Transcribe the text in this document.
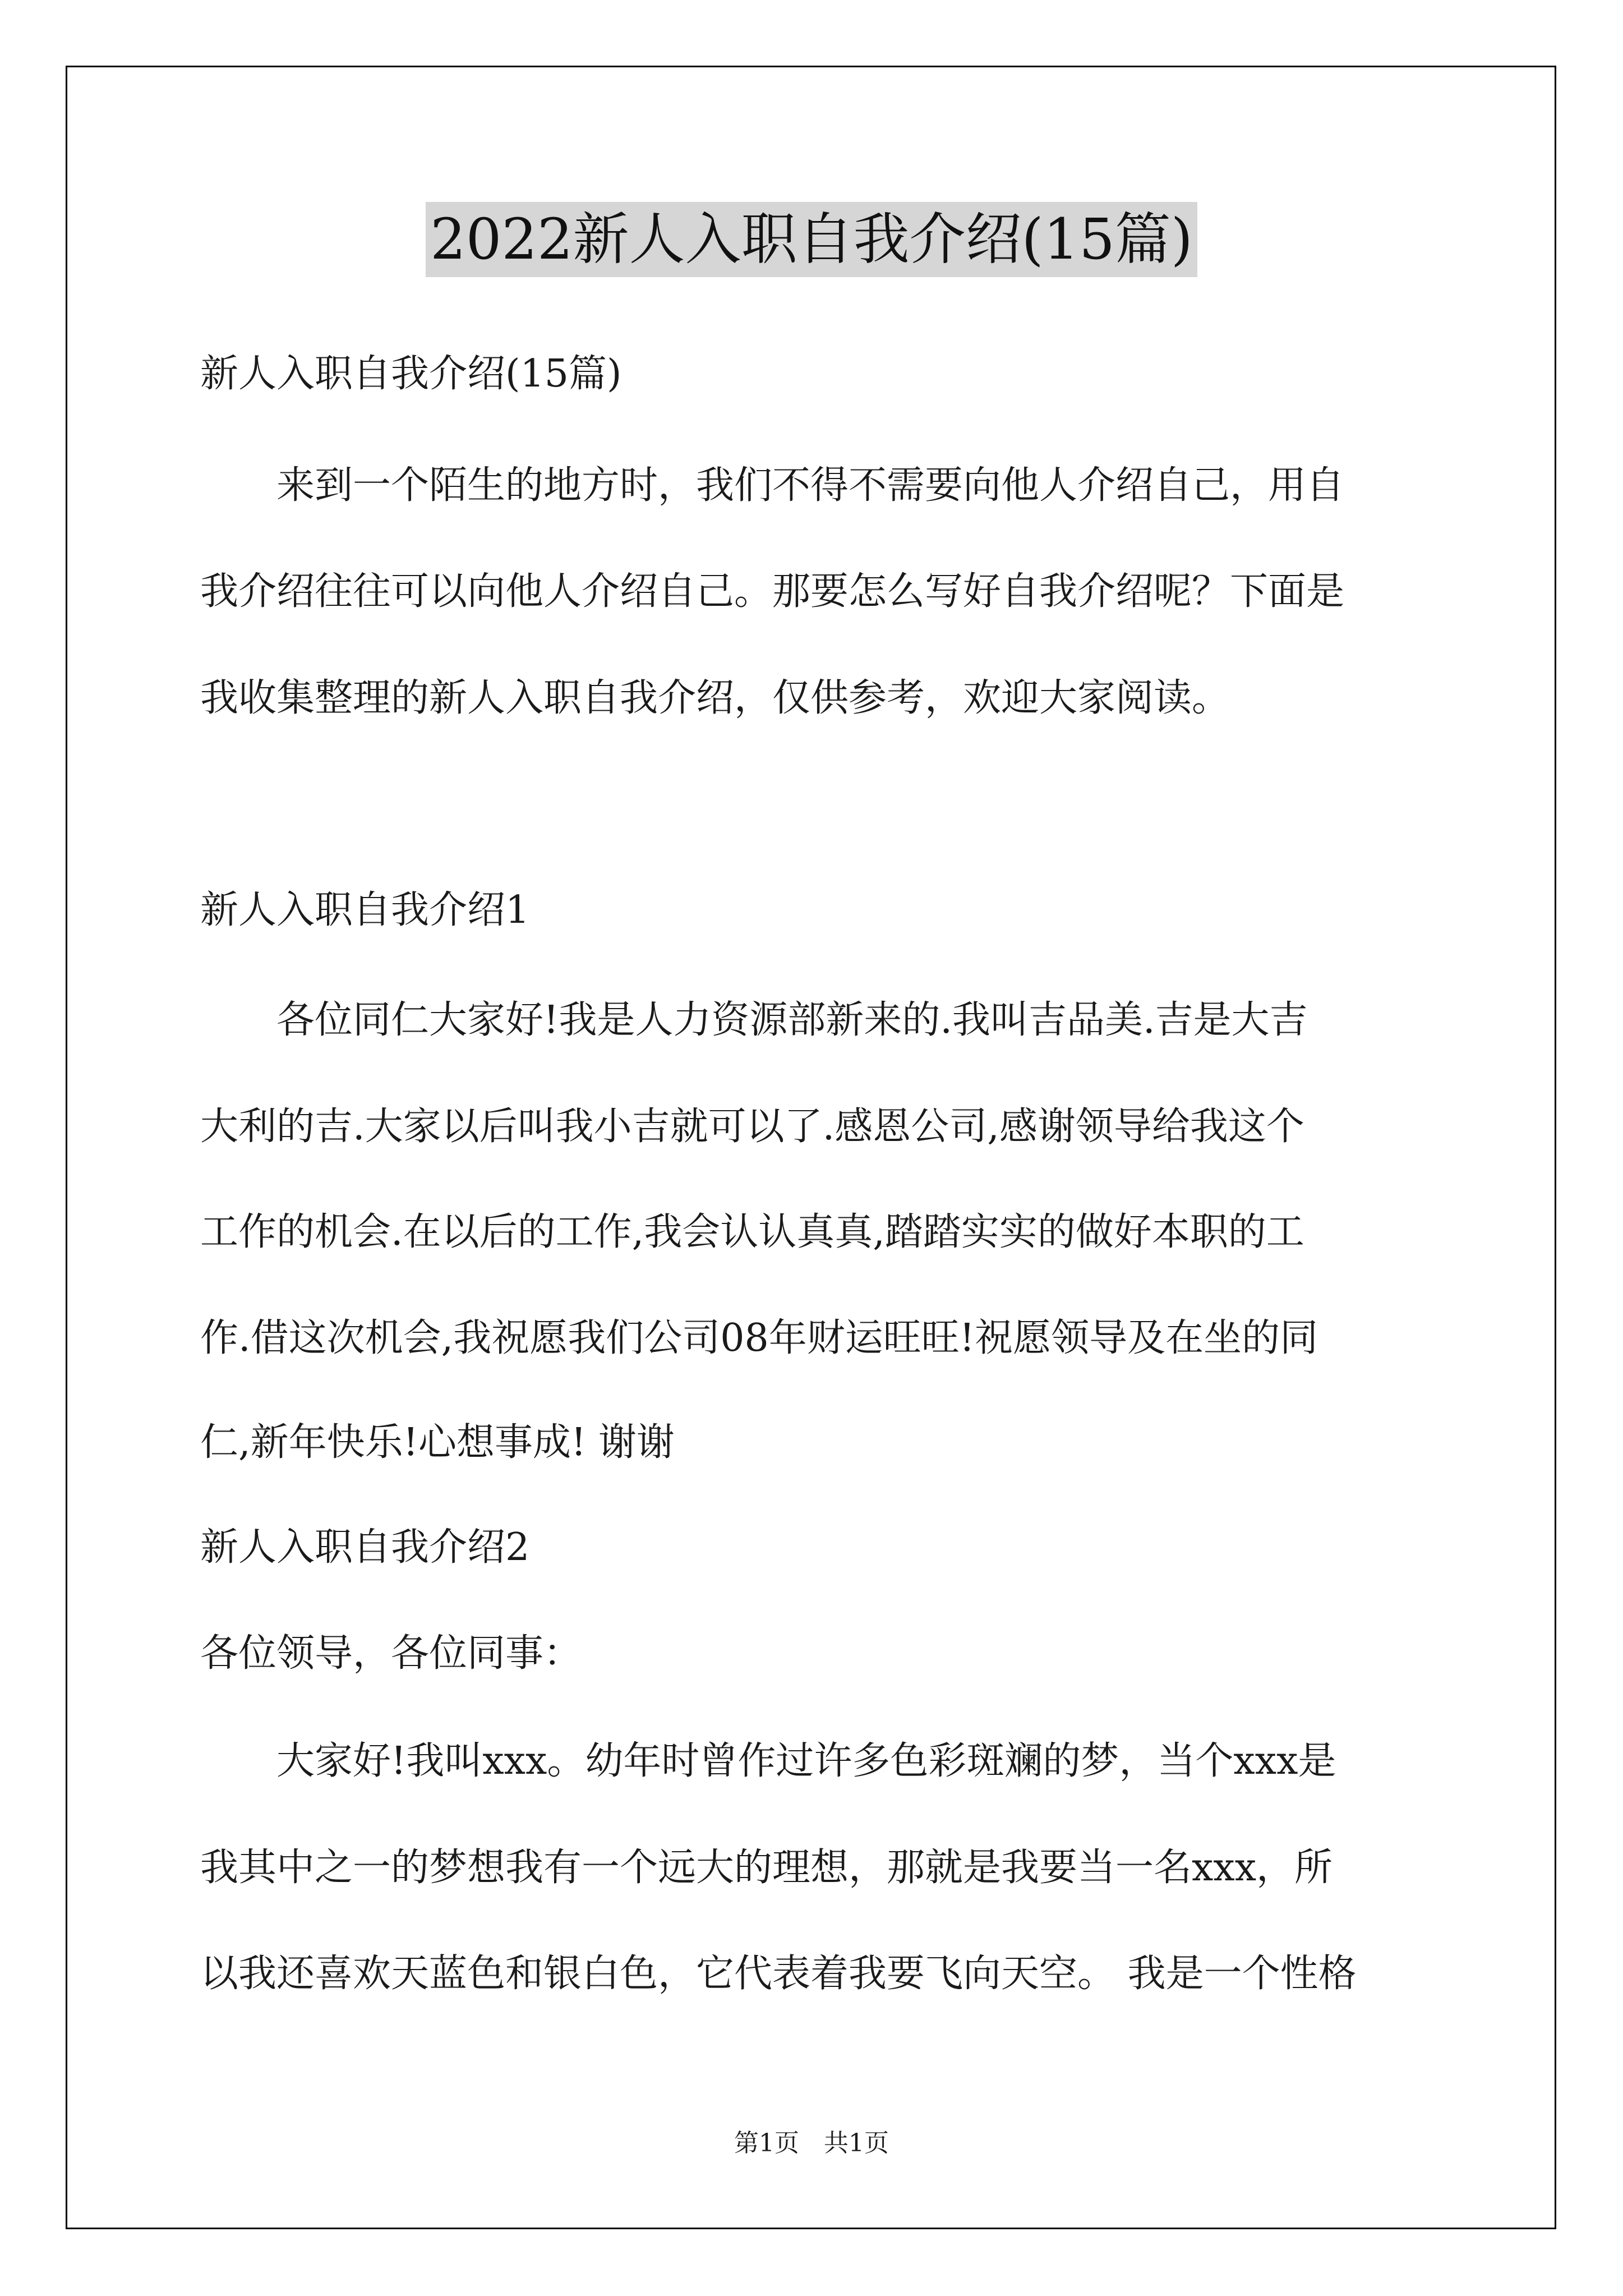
2022新人入职自我介绍(15篇)
新人入职自我介绍(15篇)
　　来到一个陌生的地方时，我们不得不需要向他人介绍自己，用自
我介绍往往可以向他人介绍自己。那要怎么写好自我介绍呢？下面是
我收集整理的新人入职自我介绍，仅供参考，欢迎大家阅读。
新人入职自我介绍1
　　各位同仁大家好!我是人力资源部新来的.我叫吉品美.吉是大吉
大利的吉.大家以后叫我小吉就可以了.感恩公司,感谢领导给我这个
工作的机会.在以后的工作,我会认认真真,踏踏实实的做好本职的工
作.借这次机会,我祝愿我们公司08年财运旺旺!祝愿领导及在坐的同
仁,新年快乐!心想事成! 谢谢
新人入职自我介绍2
各位领导，各位同事：
　　大家好!我叫xxx。幼年时曾作过许多色彩斑斓的梦，当个xxx是
我其中之一的梦想我有一个远大的理想，那就是我要当一名xxx，所
以我还喜欢天蓝色和银白色，它代表着我要飞向天空。 我是一个性格
第1页　共1页
